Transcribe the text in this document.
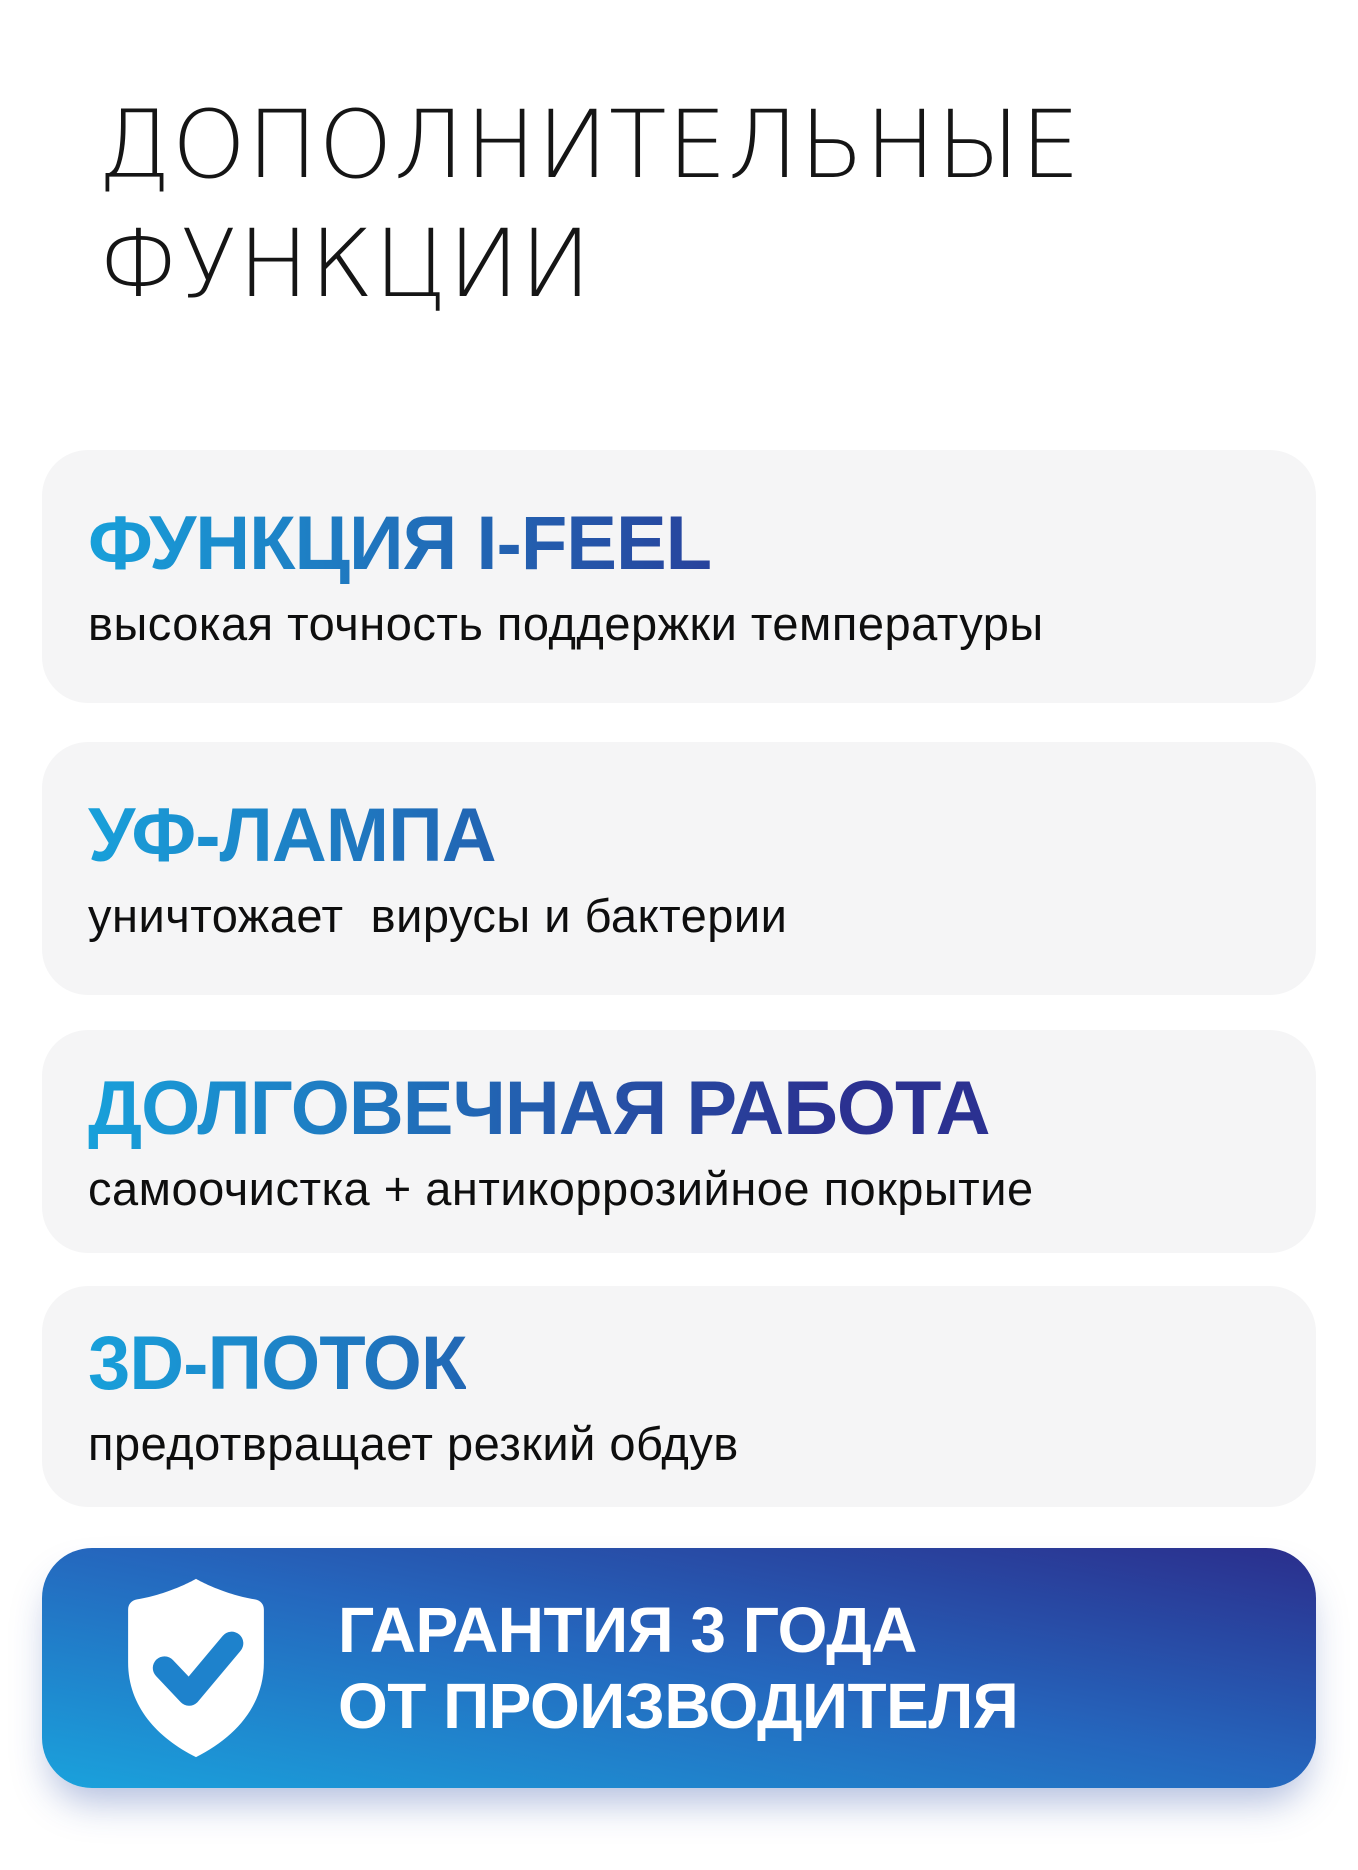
ДОПОЛНИТЕЛЬНЫЕ
ФУНКЦИИ
ФУНКЦИЯ I-FEEL
высокая точность поддержки температуры
УФ-ЛАМПА
уничтожает  вирусы и бактерии
ДОЛГОВЕЧНАЯ РАБОТА
самоочистка + антикоррозийное покрытие
3D-ПОТОК
предотвращает резкий обдув
ГАРАНТИЯ 3 ГОДА
ОТ ПРОИЗВОДИТЕЛЯ
